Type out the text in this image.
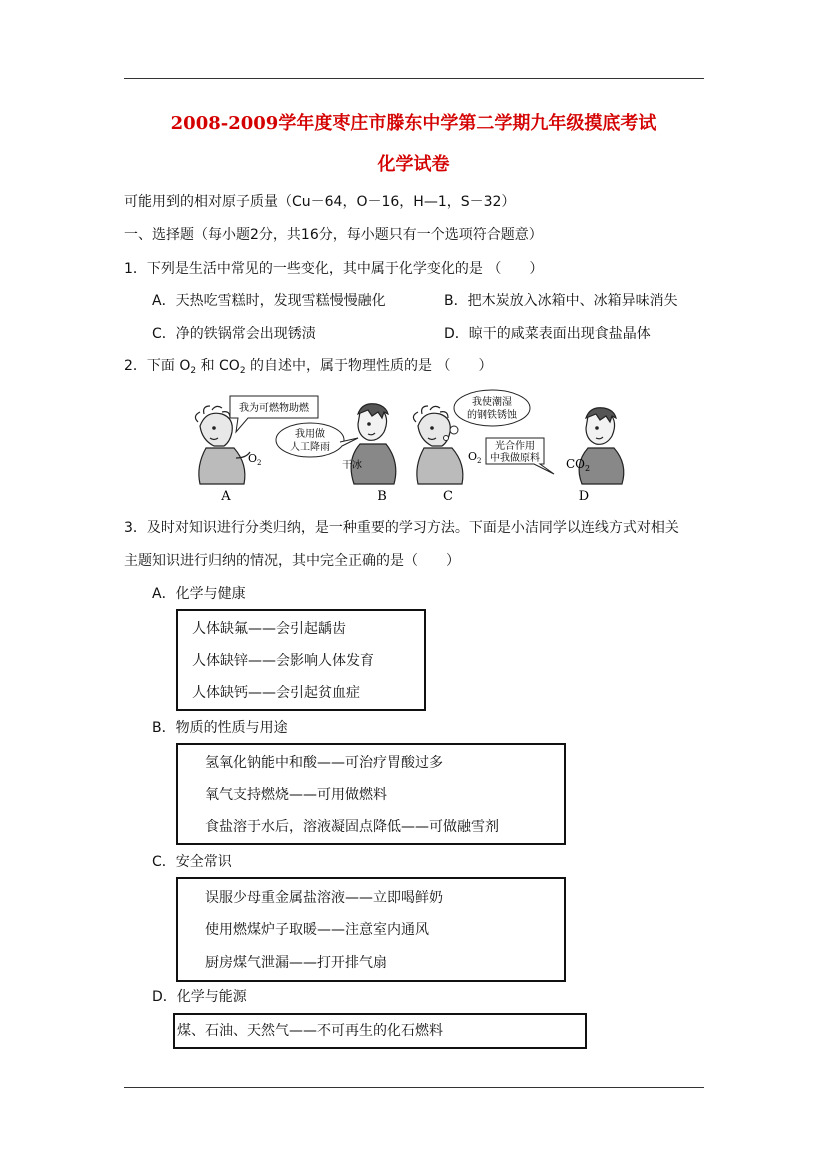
2008-2009学年度枣庄市滕东中学第二学期九年级摸底考试
化学试卷
可能用到的相对原子质量（Cu－64，O－16，H—1，S－32）
一、选择题（每小题2分，共16分，每小题只有一个选项符合题意）
1．下列是生活中常见的一些变化，其中属于化学变化的是 （　　）
A．天热吃雪糕时，发现雪糕慢慢融化	B．把木炭放入冰箱中、冰箱异味消失
C．净的铁锅常会出现锈渍	D．晾干的咸菜表面出现食盐晶体
2．下面 $O_2$ 和 $CO_2$ 的自述中，属于物理性质的是 （　　）
我为可燃物助燃
我用做
人工降雨
我使潮湿
的钢铁锈蚀
光合作用
中我做原料
$O_2$	干冰
$O_2$	$CO_2$
A	B	C	D
3．及时对知识进行分类归纳，是一种重要的学习方法。下面是小洁同学以连线方式对相关
主题知识进行归纳的情况，其中完全正确的是（　　）
A．化学与健康
人体缺氟——会引起龋齿
人体缺锌——会影响人体发育
人体缺钙——会引起贫血症
B．物质的性质与用途
氢氧化钠能中和酸——可治疗胃酸过多
氧气支持燃烧——可用做燃料
食盐溶于水后，溶液凝固点降低——可做融雪剂
C．安全常识
误服少母重金属盐溶液——立即喝鲜奶
使用燃煤炉子取暖——注意室内通风
厨房煤气泄漏——打开排气扇
D．化学与能源
煤、石油、天然气——不可再生的化石燃料
